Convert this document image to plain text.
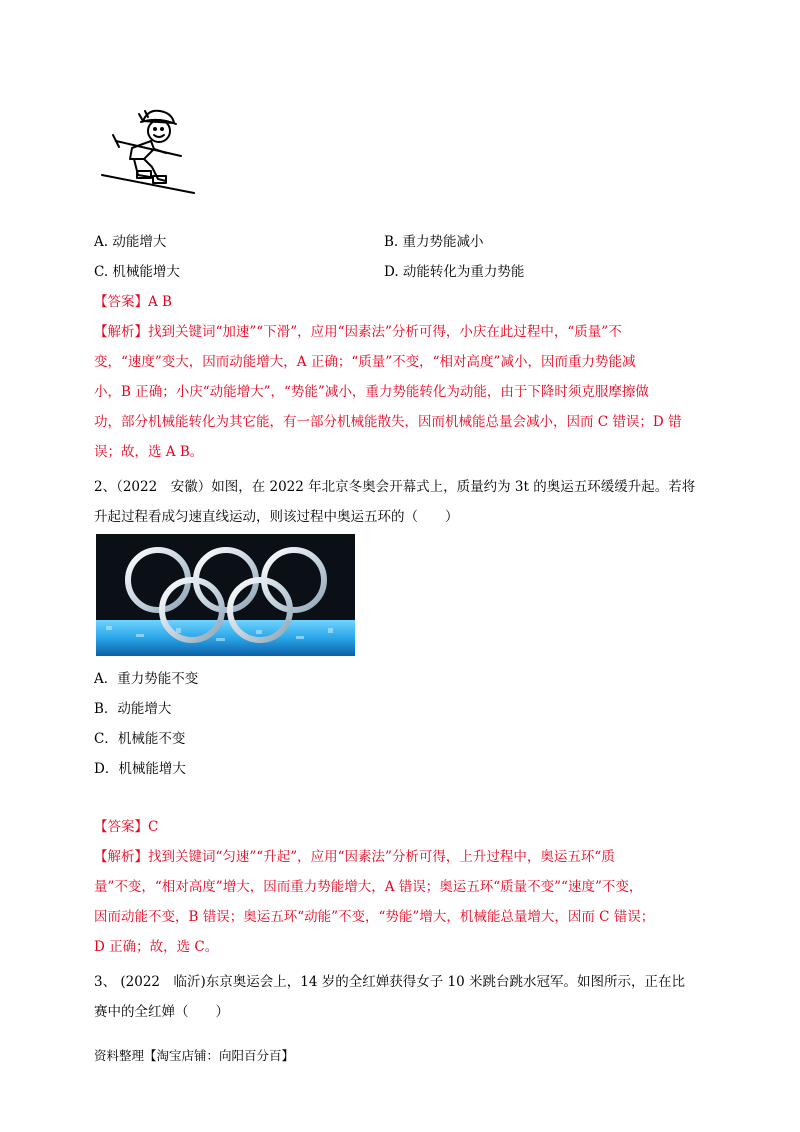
A. 动能增大	B. 重力势能减小
C. 机械能增大	D. 动能转化为重力势能
【答案】A B
【解析】找到关键词“加速”“下滑”，应用“因素法”分析可得，小庆在此过程中，“质量”不
变，“速度”变大，因而动能增大，A 正确；“质量”不变，“相对高度”减小，因而重力势能减
小，B 正确；小庆“动能增大”，“势能”减小，重力势能转化为动能，由于下降时须克服摩擦做
功，部分机械能转化为其它能，有一部分机械能散失，因而机械能总量会减小，因而 C 错误；D 错
误；故，选 A B。
2、（2022　安徽）如图，在 2022 年北京冬奥会开幕式上，质量约为 3t 的奥运五环缓缓升起。若将
升起过程看成匀速直线运动，则该过程中奥运五环的（　　）
A．重力势能不变
B．动能增大
C．机械能不变
D．机械能增大
【答案】C
【解析】找到关键词“匀速”“升起”，应用“因素法”分析可得，上升过程中，奥运五环“质
量”不变，“相对高度”增大，因而重力势能增大，A 错误；奥运五环“质量不变”“速度”不变，
因而动能不变，B 错误；奥运五环“动能”不变，“势能”增大，机械能总量增大，因而 C 错误；
D 正确；故，选 C。
3、 (2022　临沂)东京奥运会上，14 岁的全红婵获得女子 10 米跳台跳水冠军。如图所示，正在比
赛中的全红婵（　　）
资料整理【淘宝店铺：向阳百分百】
